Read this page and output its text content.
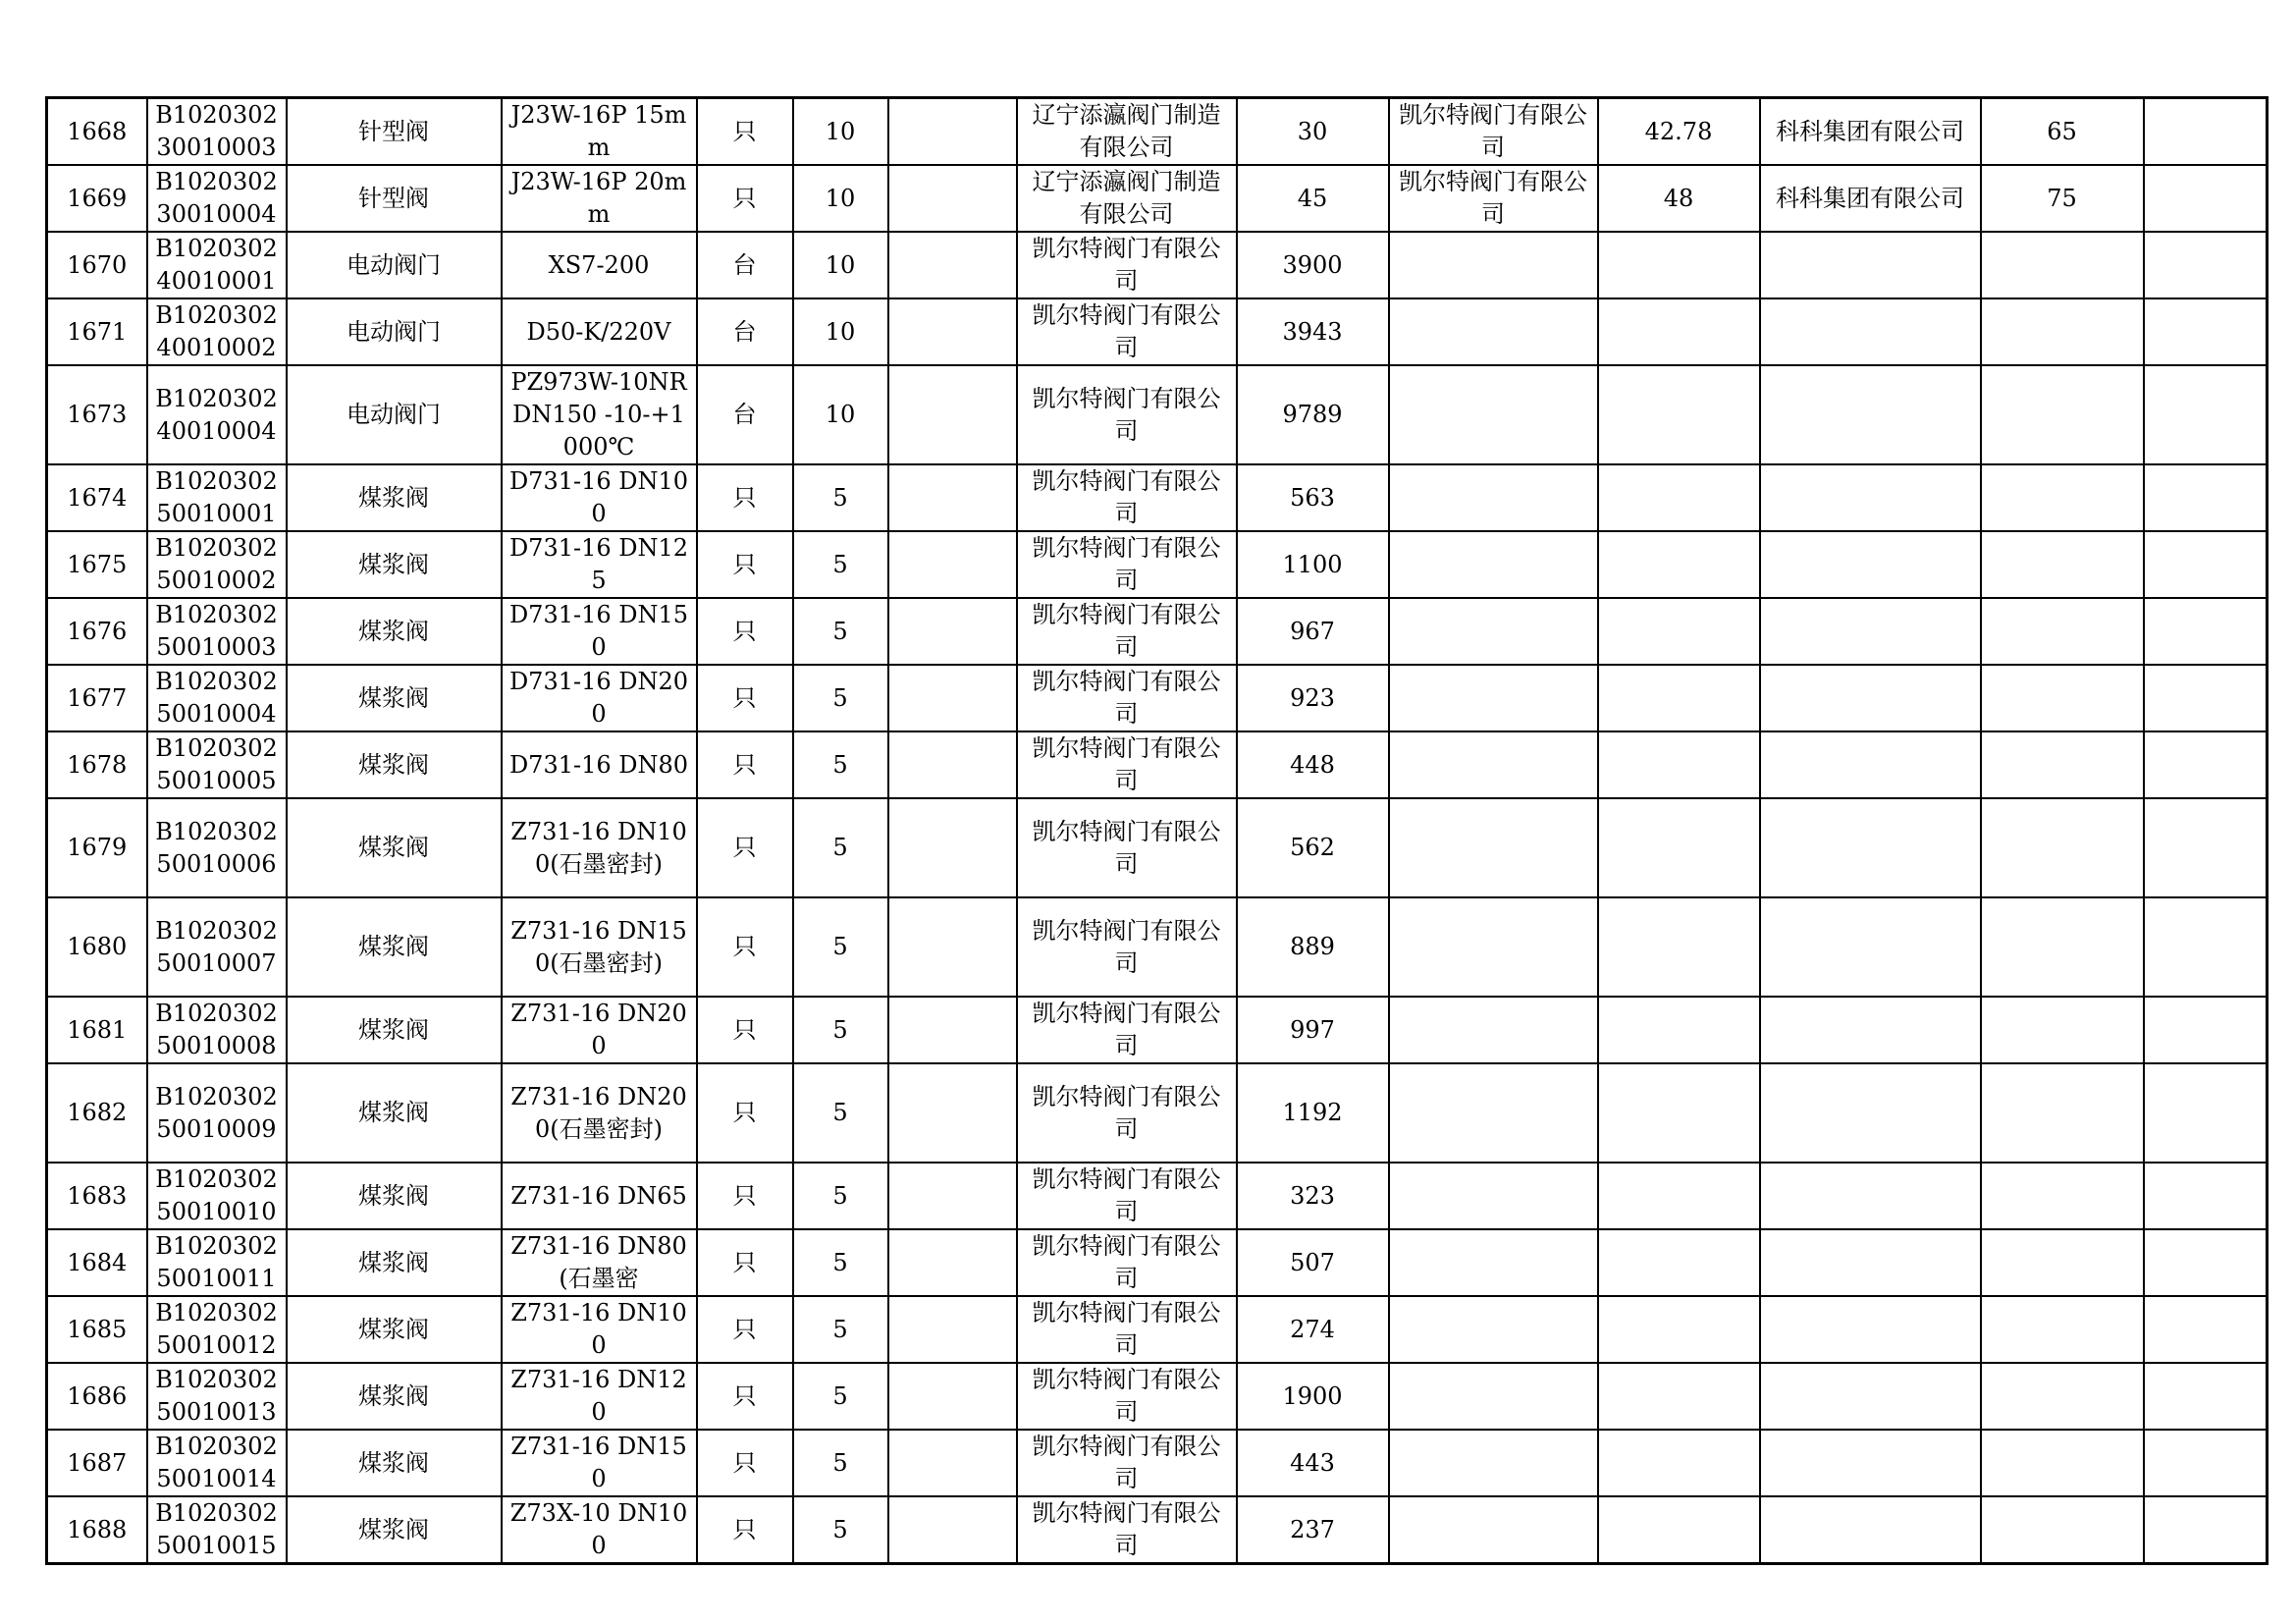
1668	B102030230010003	针型阀	J23W-16P 15mm	只	10		辽宁添瀛阀门制造有限公司	30	凯尔特阀门有限公司	42.78	科科集团有限公司	65	
1669	B102030230010004	针型阀	J23W-16P 20mm	只	10		辽宁添瀛阀门制造有限公司	45	凯尔特阀门有限公司	48	科科集团有限公司	75	
1670	B102030240010001	电动阀门	XS7-200	台	10		凯尔特阀门有限公司	3900					
1671	B102030240010002	电动阀门	D50-K/220V	台	10		凯尔特阀门有限公司	3943					
1673	B102030240010004	电动阀门	PZ973W-10NR DN150 -10-+1000℃	台	10		凯尔特阀门有限公司	9789					
1674	B102030250010001	煤浆阀	D731-16 DN100	只	5		凯尔特阀门有限公司	563					
1675	B102030250010002	煤浆阀	D731-16 DN125	只	5		凯尔特阀门有限公司	1100					
1676	B102030250010003	煤浆阀	D731-16 DN150	只	5		凯尔特阀门有限公司	967					
1677	B102030250010004	煤浆阀	D731-16 DN200	只	5		凯尔特阀门有限公司	923					
1678	B102030250010005	煤浆阀	D731-16 DN80	只	5		凯尔特阀门有限公司	448					
1679	B102030250010006	煤浆阀	Z731-16 DN100(石墨密封)	只	5		凯尔特阀门有限公司	562					
1680	B102030250010007	煤浆阀	Z731-16 DN150(石墨密封)	只	5		凯尔特阀门有限公司	889					
1681	B102030250010008	煤浆阀	Z731-16 DN200	只	5		凯尔特阀门有限公司	997					
1682	B102030250010009	煤浆阀	Z731-16 DN200(石墨密封)	只	5		凯尔特阀门有限公司	1192					
1683	B102030250010010	煤浆阀	Z731-16 DN65	只	5		凯尔特阀门有限公司	323					
1684	B102030250010011	煤浆阀	Z731-16 DN80(石墨密	只	5		凯尔特阀门有限公司	507					
1685	B102030250010012	煤浆阀	Z731-16 DN100	只	5		凯尔特阀门有限公司	274					
1686	B102030250010013	煤浆阀	Z731-16 DN120	只	5		凯尔特阀门有限公司	1900					
1687	B102030250010014	煤浆阀	Z731-16 DN150	只	5		凯尔特阀门有限公司	443					
1688	B102030250010015	煤浆阀	Z73X-10 DN100	只	5		凯尔特阀门有限公司	237					
